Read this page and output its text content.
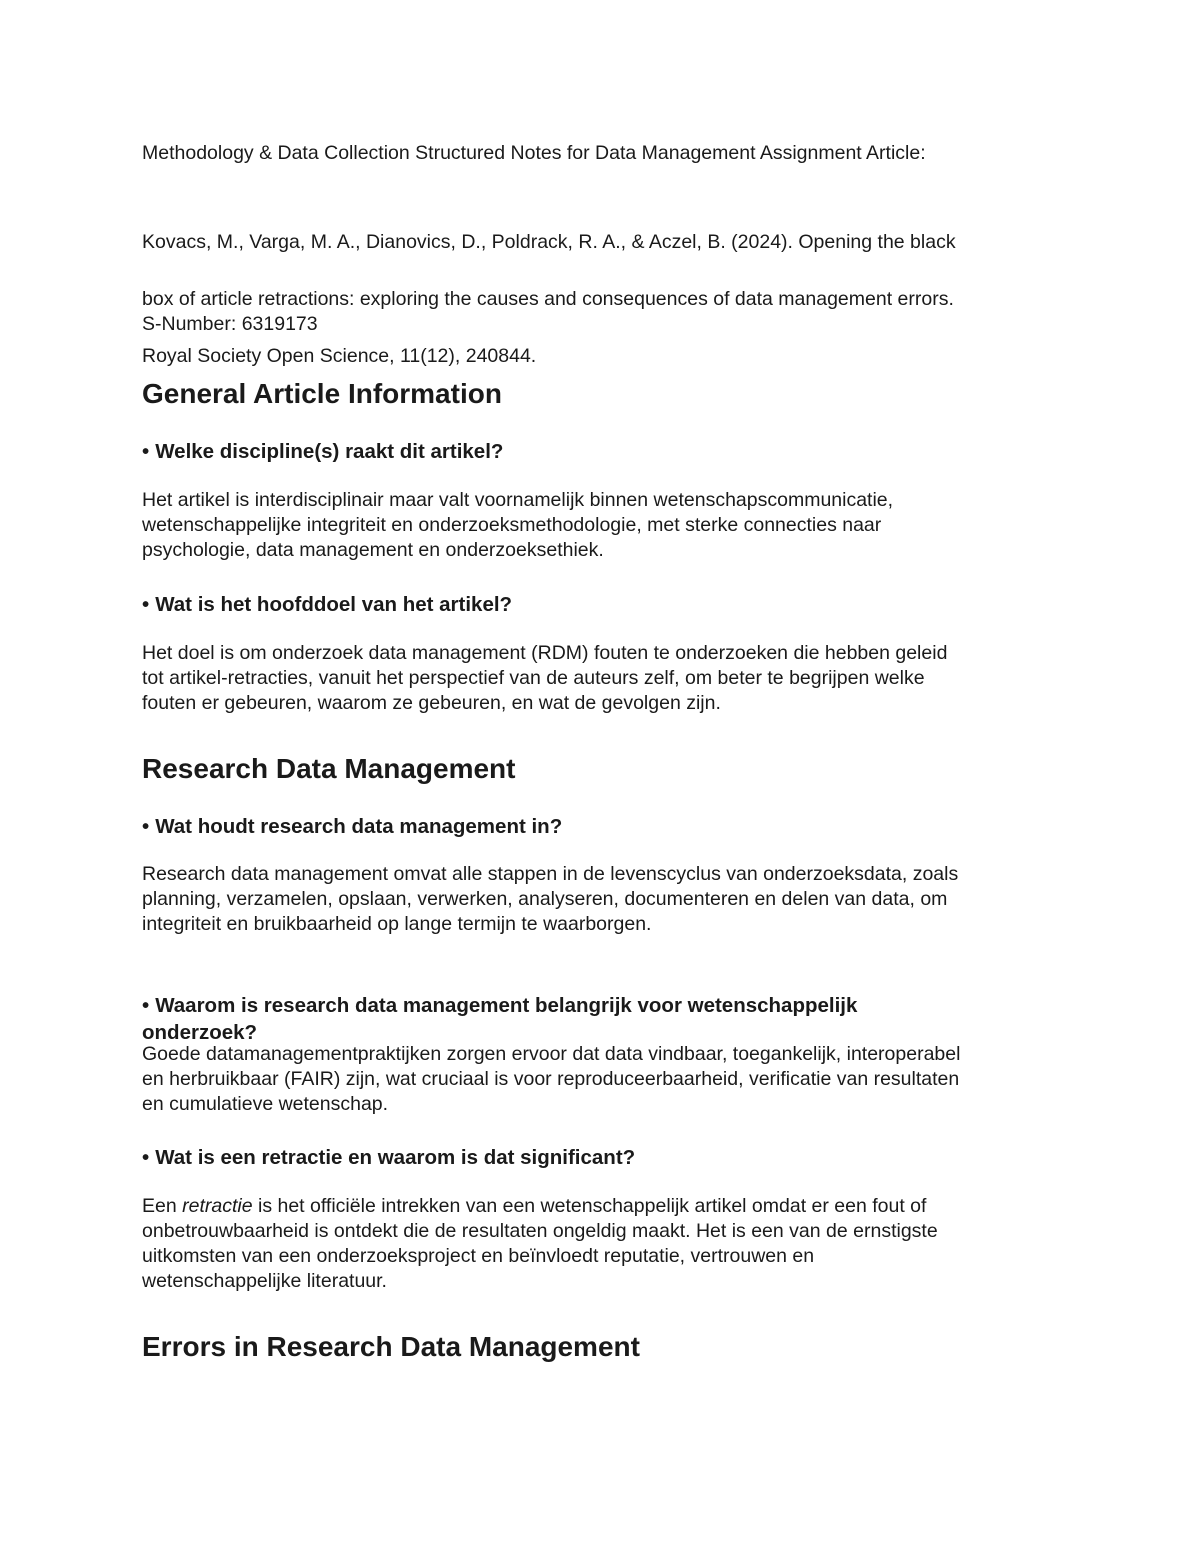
Methodology & Data Collection Structured Notes for Data Management Assignment Article:

Kovacs, M., Varga, M. A., Dianovics, D., Poldrack, R. A., & Aczel, B. (2024). Opening the black

box of article retractions: exploring the causes and consequences of data management errors.

Royal Society Open Science, 11(12), 240844.

S-Number: 6319173

General Article Information
• Welke discipline(s) raakt dit artikel?

Het artikel is interdisciplinair maar valt voornamelijk binnen wetenschapscommunicatie,
wetenschappelijke integriteit en onderzoeksmethodologie, met sterke connecties naar
psychologie, data management en onderzoeksethiek.

• Wat is het hoofddoel van het artikel?

Het doel is om onderzoek data management (RDM) fouten te onderzoeken die hebben geleid
tot artikel-retracties, vanuit het perspectief van de auteurs zelf, om beter te begrijpen welke
fouten er gebeuren, waarom ze gebeuren, en wat de gevolgen zijn.

Research Data Management
• Wat houdt research data management in?

Research data management omvat alle stappen in de levenscyclus van onderzoeksdata, zoals
planning, verzamelen, opslaan, verwerken, analyseren, documenteren en delen van data, om
integriteit en bruikbaarheid op lange termijn te waarborgen.

• Waarom is research data management belangrijk voor wetenschappelijk
onderzoek?

Goede datamanagementpraktijken zorgen ervoor dat data vindbaar, toegankelijk, interoperabel
en herbruikbaar (FAIR) zijn, wat cruciaal is voor reproduceerbaarheid, verificatie van resultaten
en cumulatieve wetenschap.

• Wat is een retractie en waarom is dat significant?

Een retractie is het officiële intrekken van een wetenschappelijk artikel omdat er een fout of
onbetrouwbaarheid is ontdekt die de resultaten ongeldig maakt. Het is een van de ernstigste
uitkomsten van een onderzoeksproject en beïnvloedt reputatie, vertrouwen en
wetenschappelijke literatuur.

Errors in Research Data Management
